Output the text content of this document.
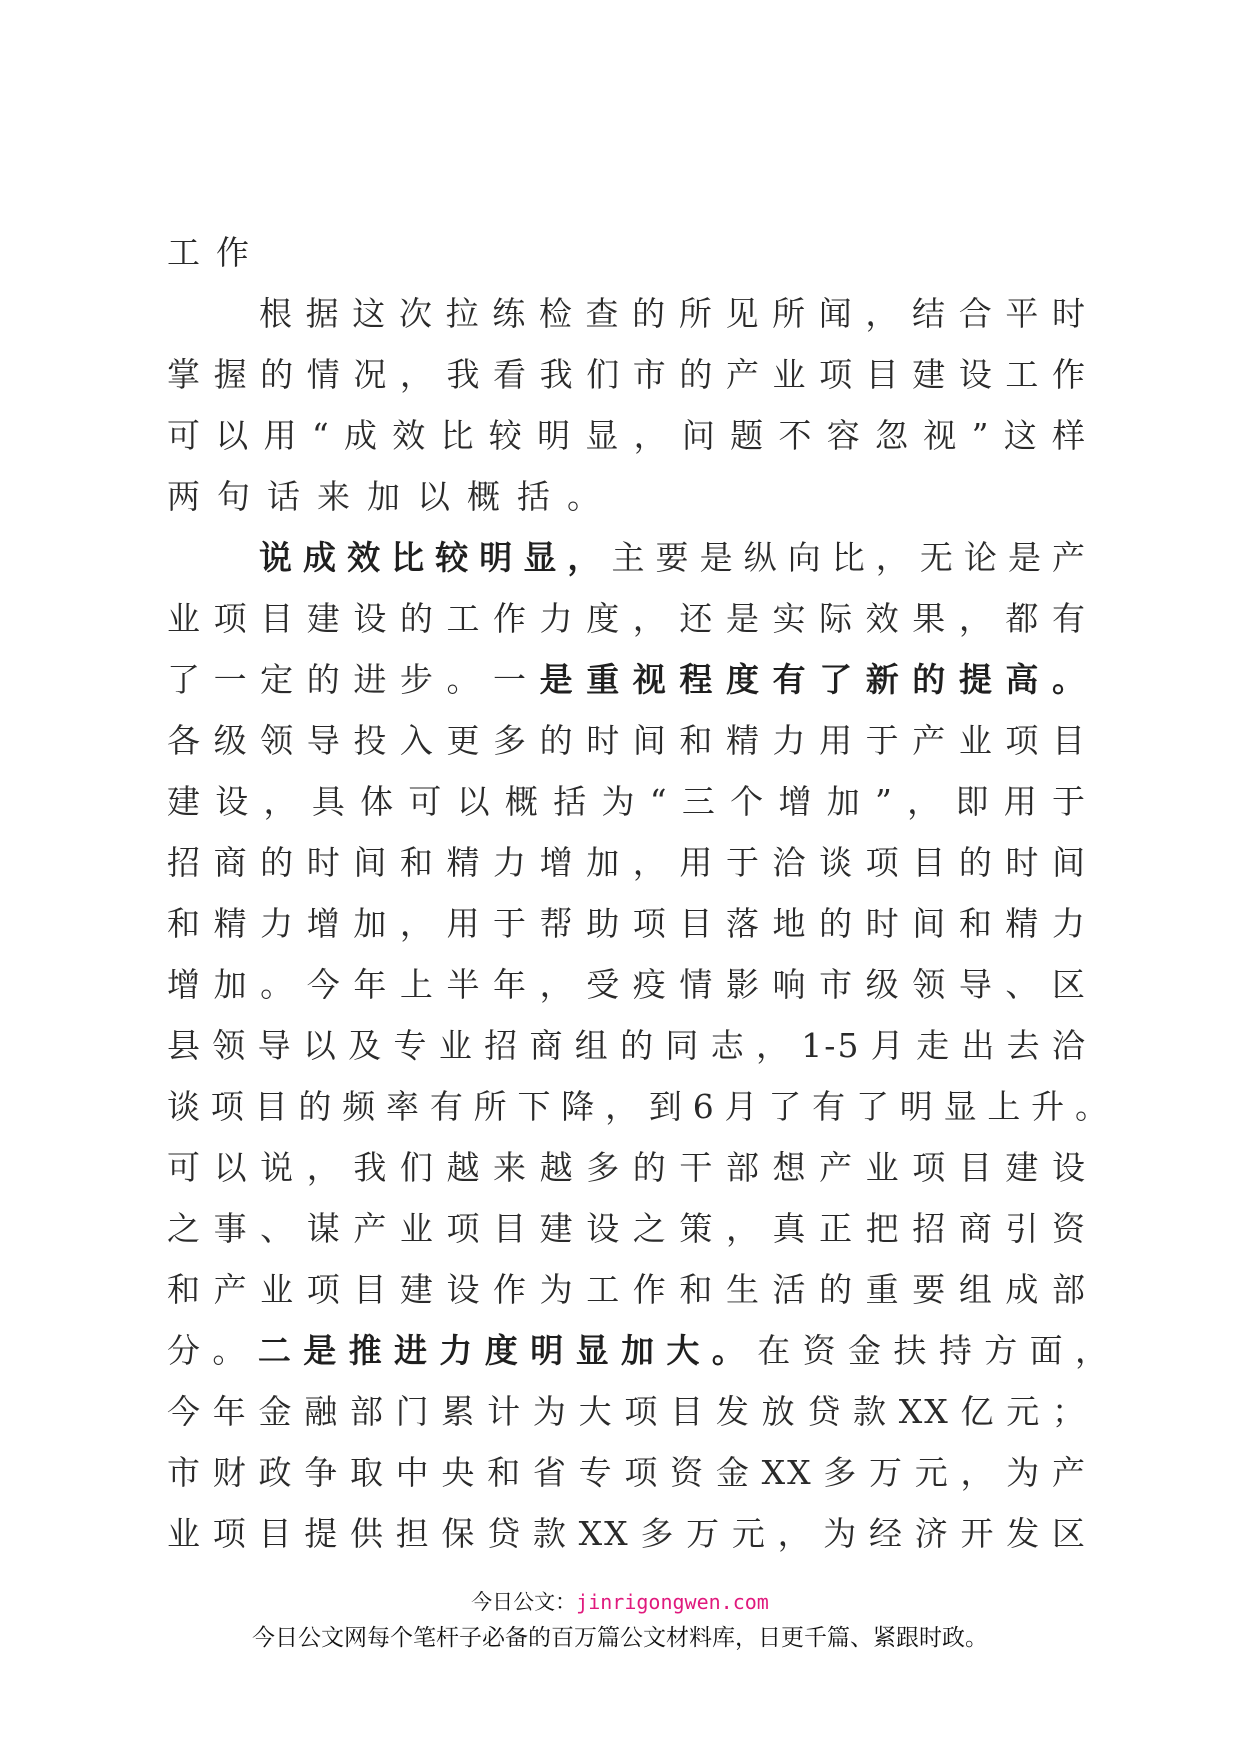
工作
根据这次拉练检查的所见所闻，结合平时
掌握的情况，我看我们市的产业项目建设工作
可以用“成效比较明显，问题不容忽视”这样
两句话来加以概括。
说成效比较明显，主要是纵向比，无论是产
业项目建设的工作力度，还是实际效果，都有
了一定的进步。一是重视程度有了新的提高。
各级领导投入更多的时间和精力用于产业项目
建设，具体可以概括为“三个增加”，即用于
招商的时间和精力增加，用于洽谈项目的时间
和精力增加，用于帮助项目落地的时间和精力
增加。今年上半年，受疫情影响市级领导、区
县领导以及专业招商组的同志，1-5月走出去洽
谈项目的频率有所下降，到6月了有了明显上升。
可以说，我们越来越多的干部想产业项目建设
之事、谋产业项目建设之策，真正把招商引资
和产业项目建设作为工作和生活的重要组成部
分。二是推进力度明显加大。在资金扶持方面，
今年金融部门累计为大项目发放贷款XX亿元；
市财政争取中央和省专项资金XX多万元，为产
业项目提供担保贷款XX多万元，为经济开发区
今日公文：jinrigongwen.com
今日公文网每个笔杆子必备的百万篇公文材料库，日更千篇、紧跟时政。
